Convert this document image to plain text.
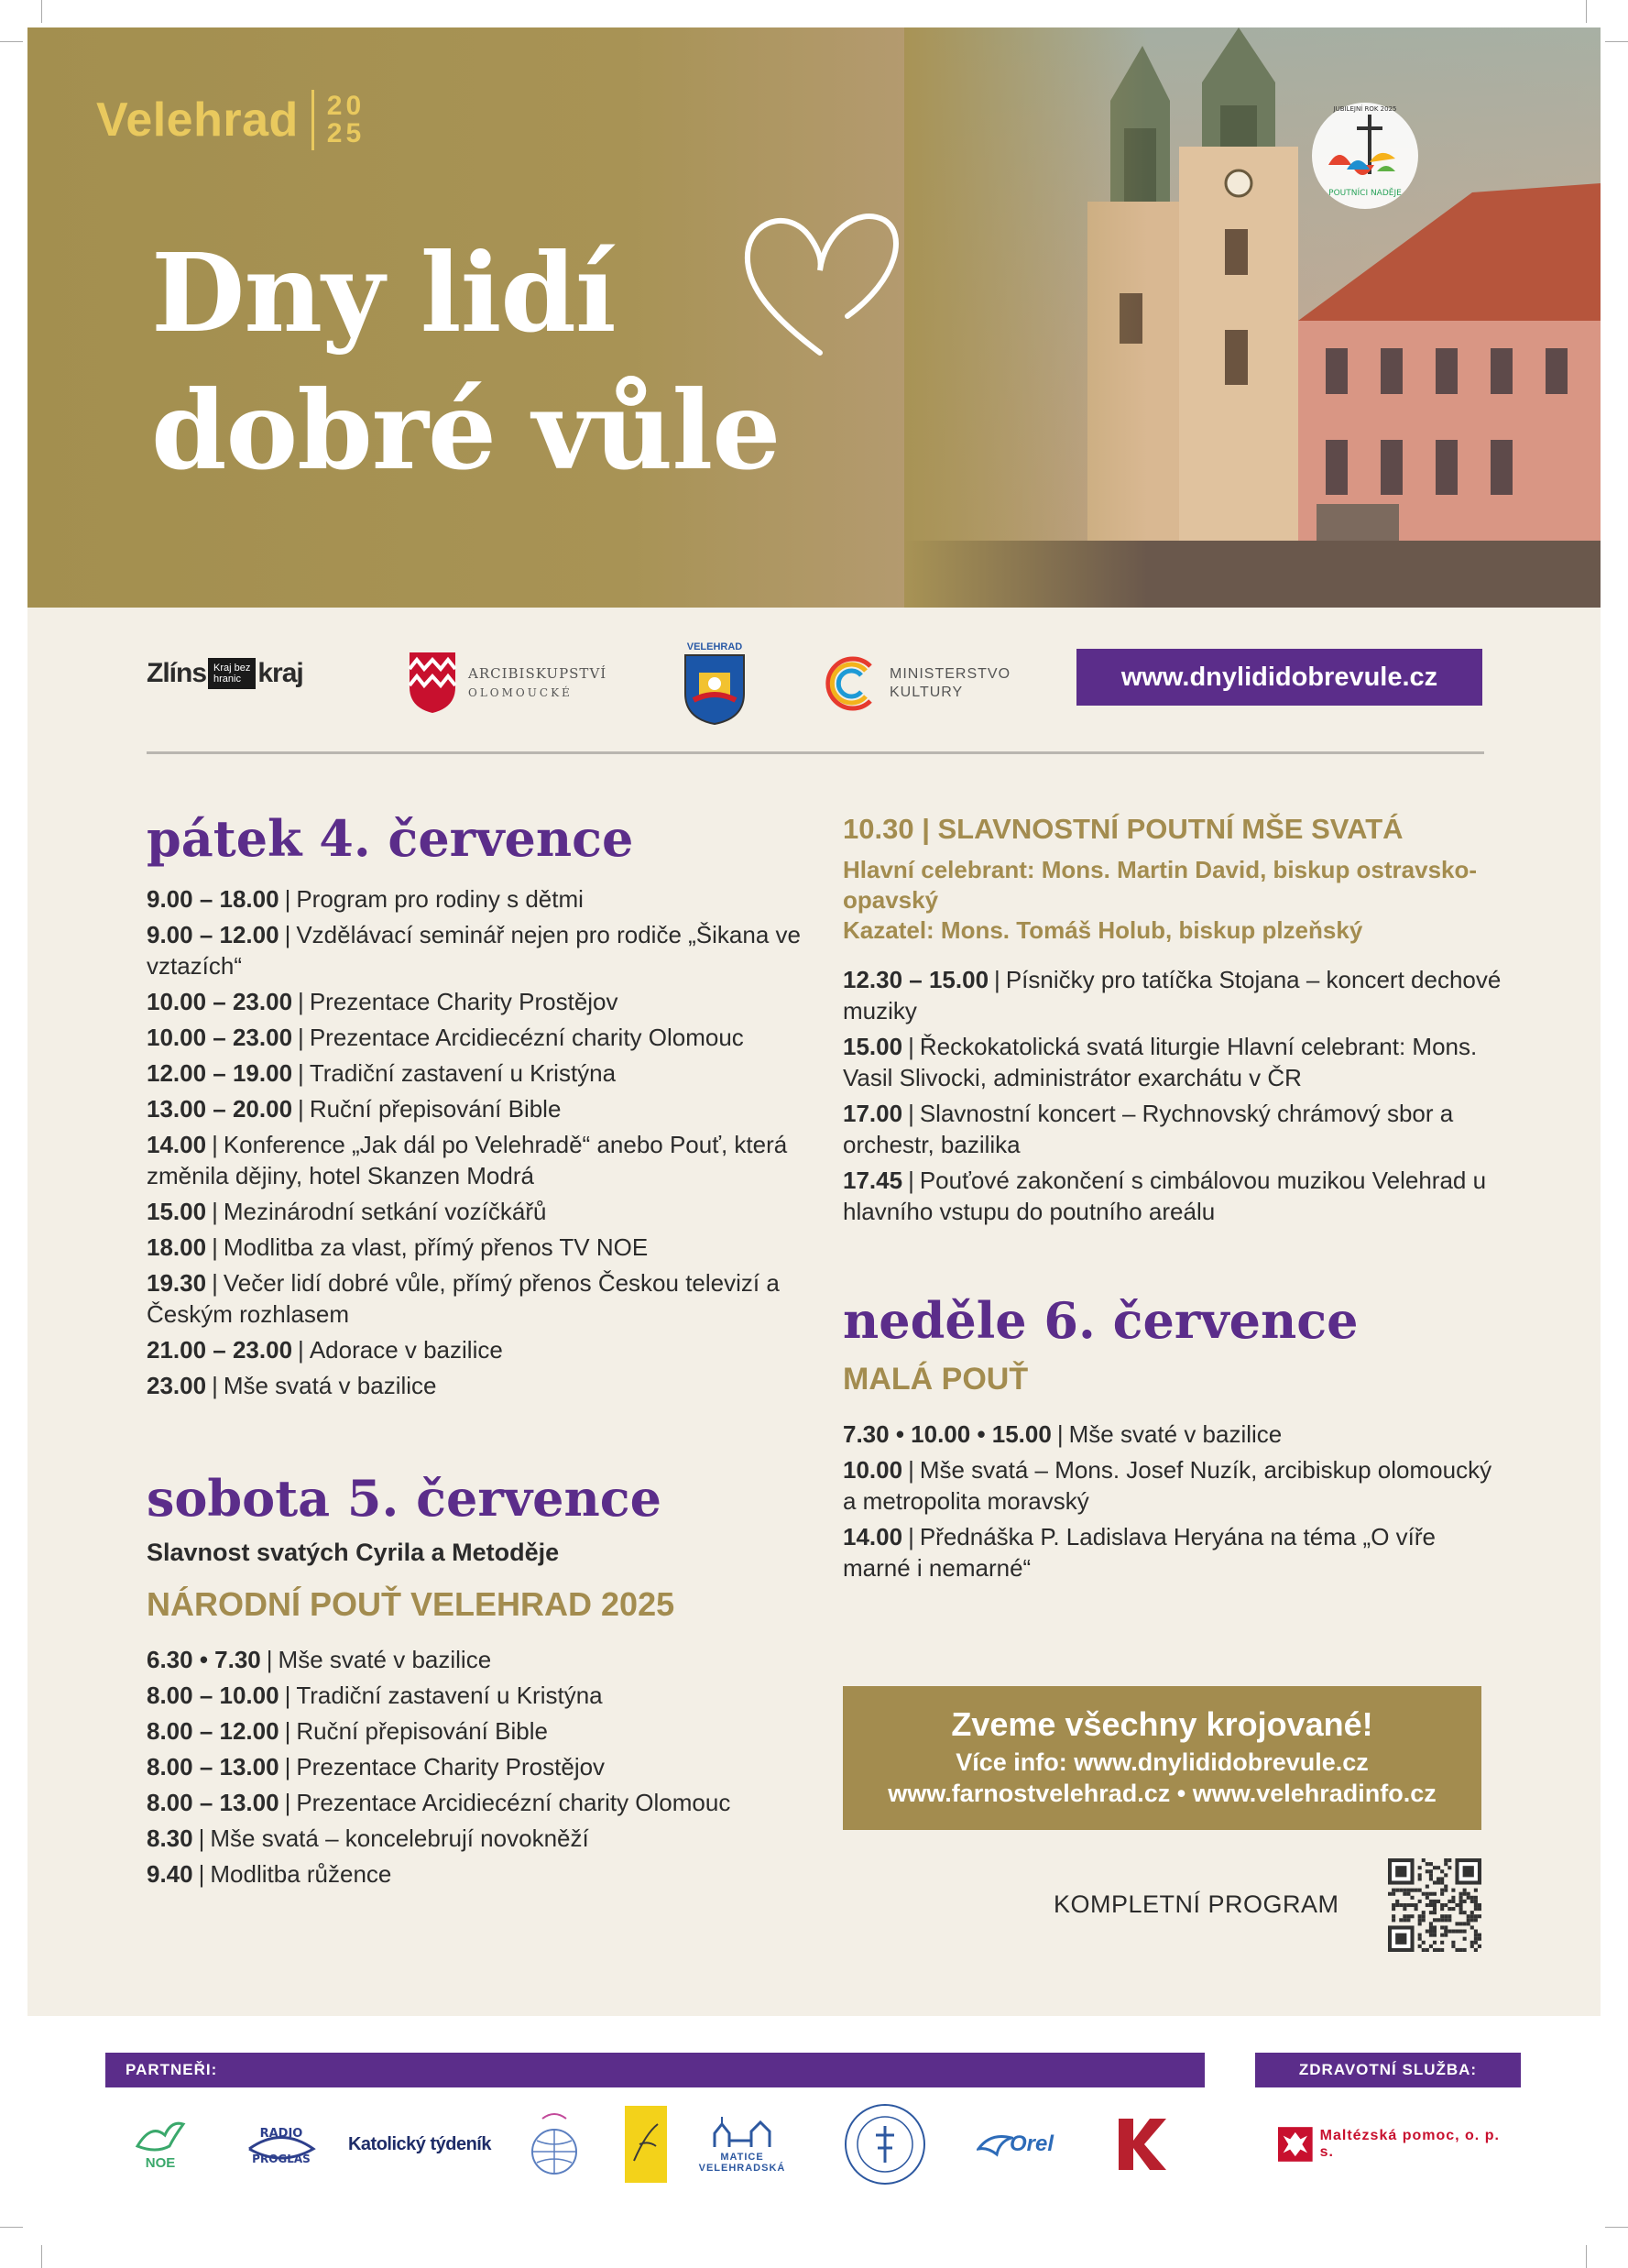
Velehrad 20
25
Dny lidí
dobré vůle
POUTNÍCI NADĚJE
JUBILEJNÍ ROK 2025
Zlíns Kraj bez
hranic kraj	ARCIBISKUPSTVÍ
OLOMOUCKÉ
VELEHRAD
MINISTERSTVO
KULTURY
www.dnylididobrevule.cz
pátek 4. července
9.00 – 18.00 | Program pro rodiny s dětmi
9.00 – 12.00 | Vzdělávací seminář nejen pro rodiče „Šikana ve vztazích“
10.00 – 23.00 | Prezentace Charity Prostějov
10.00 – 23.00 | Prezentace Arcidiecézní charity Olomouc
12.00 – 19.00 | Tradiční zastavení u Kristýna
13.00 – 20.00 | Ruční přepisování Bible
14.00 | Konference „Jak dál po Velehradě“ anebo Pouť, která změnila dějiny, hotel Skanzen Modrá
15.00 | Mezinárodní setkání vozíčkářů
18.00 | Modlitba za vlast, přímý přenos TV NOE
19.30 | Večer lidí dobré vůle, přímý přenos Českou televizí a Českým rozhlasem
21.00 – 23.00 | Adorace v bazilice
23.00 | Mše svatá v bazilice
sobota 5. července
Slavnost svatých Cyrila a Metoděje
NÁRODNÍ POUŤ VELEHRAD 2025
6.30 • 7.30 | Mše svaté v bazilice
8.00 – 10.00 | Tradiční zastavení u Kristýna
8.00 – 12.00 | Ruční přepisování Bible
8.00 – 13.00 | Prezentace Charity Prostějov
8.00 – 13.00 | Prezentace Arcidiecézní charity Olomouc
8.30 | Mše svatá – koncelebrují novokněží
9.40 | Modlitba růžence
10.30 | SLAVNOSTNÍ POUTNÍ MŠE SVATÁ
Hlavní celebrant: Mons. Martin David, biskup ostravsko-opavský
Kazatel: Mons. Tomáš Holub, biskup plzeňský
12.30 – 15.00 | Písničky pro tatíčka Stojana – koncert dechové muziky
15.00 | Řeckokatolická svatá liturgie Hlavní celebrant: Mons. Vasil Slivocki, administrátor exarchátu v ČR
17.00 | Slavnostní koncert – Rychnovský chrámový sbor a orchestr, bazilika
17.45 | Pouťové zakončení s cimbálovou muzikou Velehrad u hlavního vstupu do poutního areálu
neděle 6. července
MALÁ POUŤ
7.30 • 10.00 • 15.00 | Mše svaté v bazilice
10.00 | Mše svatá – Mons. Josef Nuzík, arcibiskup olomoucký a metropolita moravský
14.00 | Přednáška P. Ladislava Heryána na téma „O víře marné i nemarné“
Zveme všechny krojované!
Více info: www.dnylididobrevule.cz
www.farnostvelehrad.cz • www.velehradinfo.cz
KOMPLETNÍ PROGRAM
PARTNEŘI:	ZDRAVOTNÍ SLUŽBA:
NOE
RADIO
PROGLAS
Katolický týdeník
MATICE
VELEHRADSKÁ
Orel	Maltézská pomoc, o. p. s.
